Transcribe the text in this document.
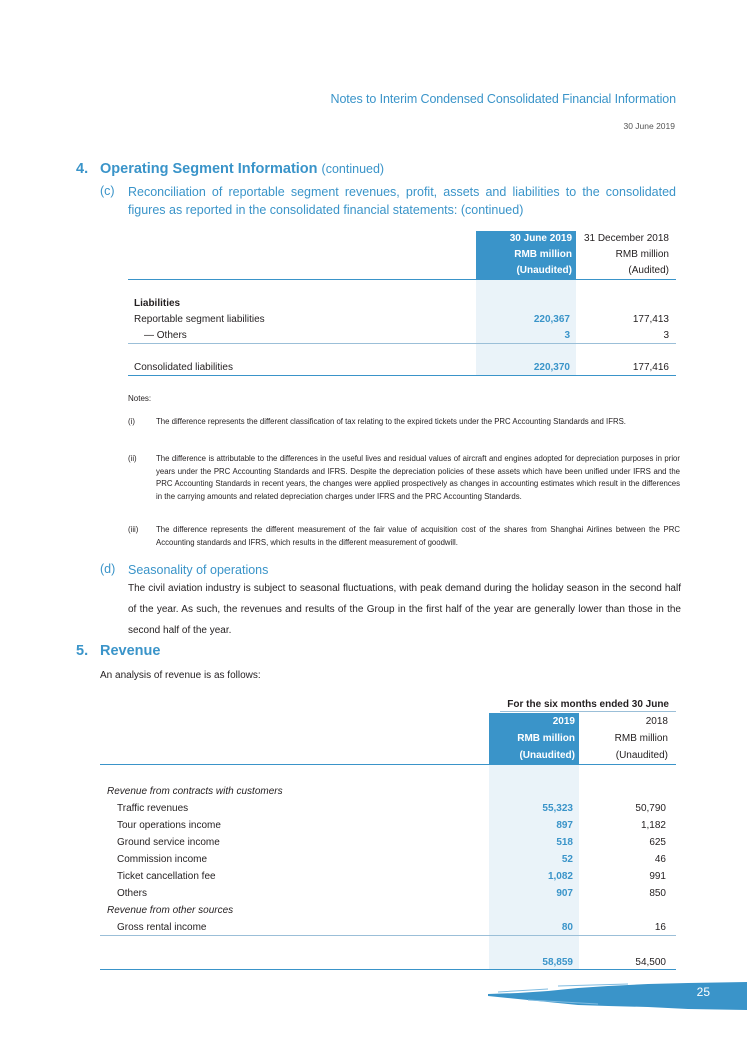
Notes to Interim Condensed Consolidated Financial Information
30 June 2019
4. Operating Segment Information (continued)
(c) Reconciliation of reportable segment revenues, profit, assets and liabilities to the consolidated figures as reported in the consolidated financial statements: (continued)
30 June 2019
RMB million
(Unaudited)
31 December 2018
RMB million
(Audited)
Liabilities
Reportable segment liabilities	220,367	177,413
— Others	3	3
Consolidated liabilities	220,370	177,416
Notes:
(i)	The difference represents the different classification of tax relating to the expired tickets under the PRC Accounting Standards and IFRS.
(ii) The difference is attributable to the differences in the useful lives and residual values of aircraft and engines adopted for depreciation purposes in prior years under the PRC Accounting Standards and IFRS. Despite the depreciation policies of these assets which have been unified under IFRS and the PRC Accounting Standards in recent years, the changes were applied prospectively as changes in accounting estimates which result in the differences in the carrying amounts and related depreciation charges under IFRS and the PRC Accounting Standards.
(iii) The difference represents the different measurement of the fair value of acquisition cost of the shares from Shanghai Airlines between the PRC Accounting standards and IFRS, which results in the different measurement of goodwill.
(d) Seasonality of operations
The civil aviation industry is subject to seasonal fluctuations, with peak demand during the holiday season in the second half of the year. As such, the revenues and results of the Group in the first half of the year are generally lower than those in the second half of the year.
5. Revenue
An analysis of revenue is as follows:
For the six months ended 30 June
2019
RMB million
(Unaudited)
2018
RMB million
(Unaudited)
Revenue from contracts with customers
Traffic revenues	55,323	50,790
Tour operations income	897	1,182
Ground service income	518	625
Commission income	52	46
Ticket cancellation fee	1,082	991
Others	907	850
Revenue from other sources
Gross rental income	80	16
58,859	54,500
25
